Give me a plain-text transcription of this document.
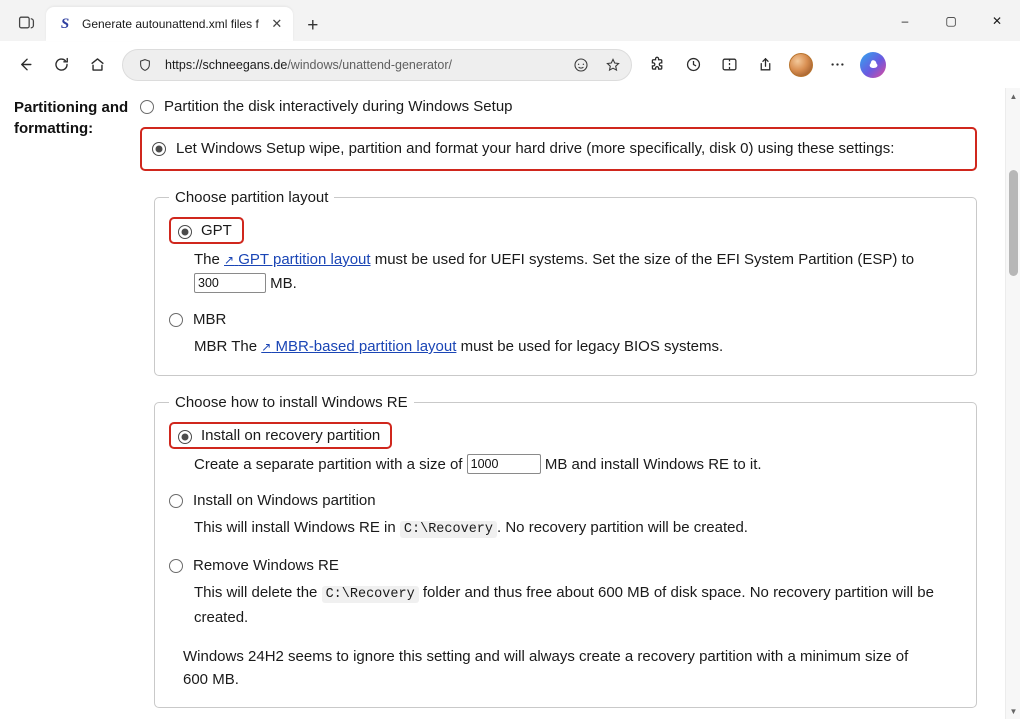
S	Generate autounattend.xml files f ✕	+	–	▢	✕
https://schneegans.de/windows/unattend-generator/
Partitioning and formatting:
Partition the disk interactively during Windows Setup
Let Windows Setup wipe, partition and format your hard drive (more specifically, disk 0) using these settings:
Choose partition layout
GPT
The ↗ GPT partition layout must be used for UEFI systems. Set the size of the EFI System Partition (ESP) to 300 MB.
MBR
MBR The ↗ MBR-based partition layout must be used for legacy BIOS systems.
Choose how to install Windows RE
Install on recovery partition
Create a separate partition with a size of 1000	MB and install Windows RE to it.
Install on Windows partition
This will install Windows RE in C:\Recovery . No recovery partition will be created.
Remove Windows RE
This will delete the C:\Recovery folder and thus free about 600 MB of disk space. No recovery partition will be created.
Windows 24H2 seems to ignore this setting and will always create a recovery partition with a minimum size of 600 MB.
▲
▼
